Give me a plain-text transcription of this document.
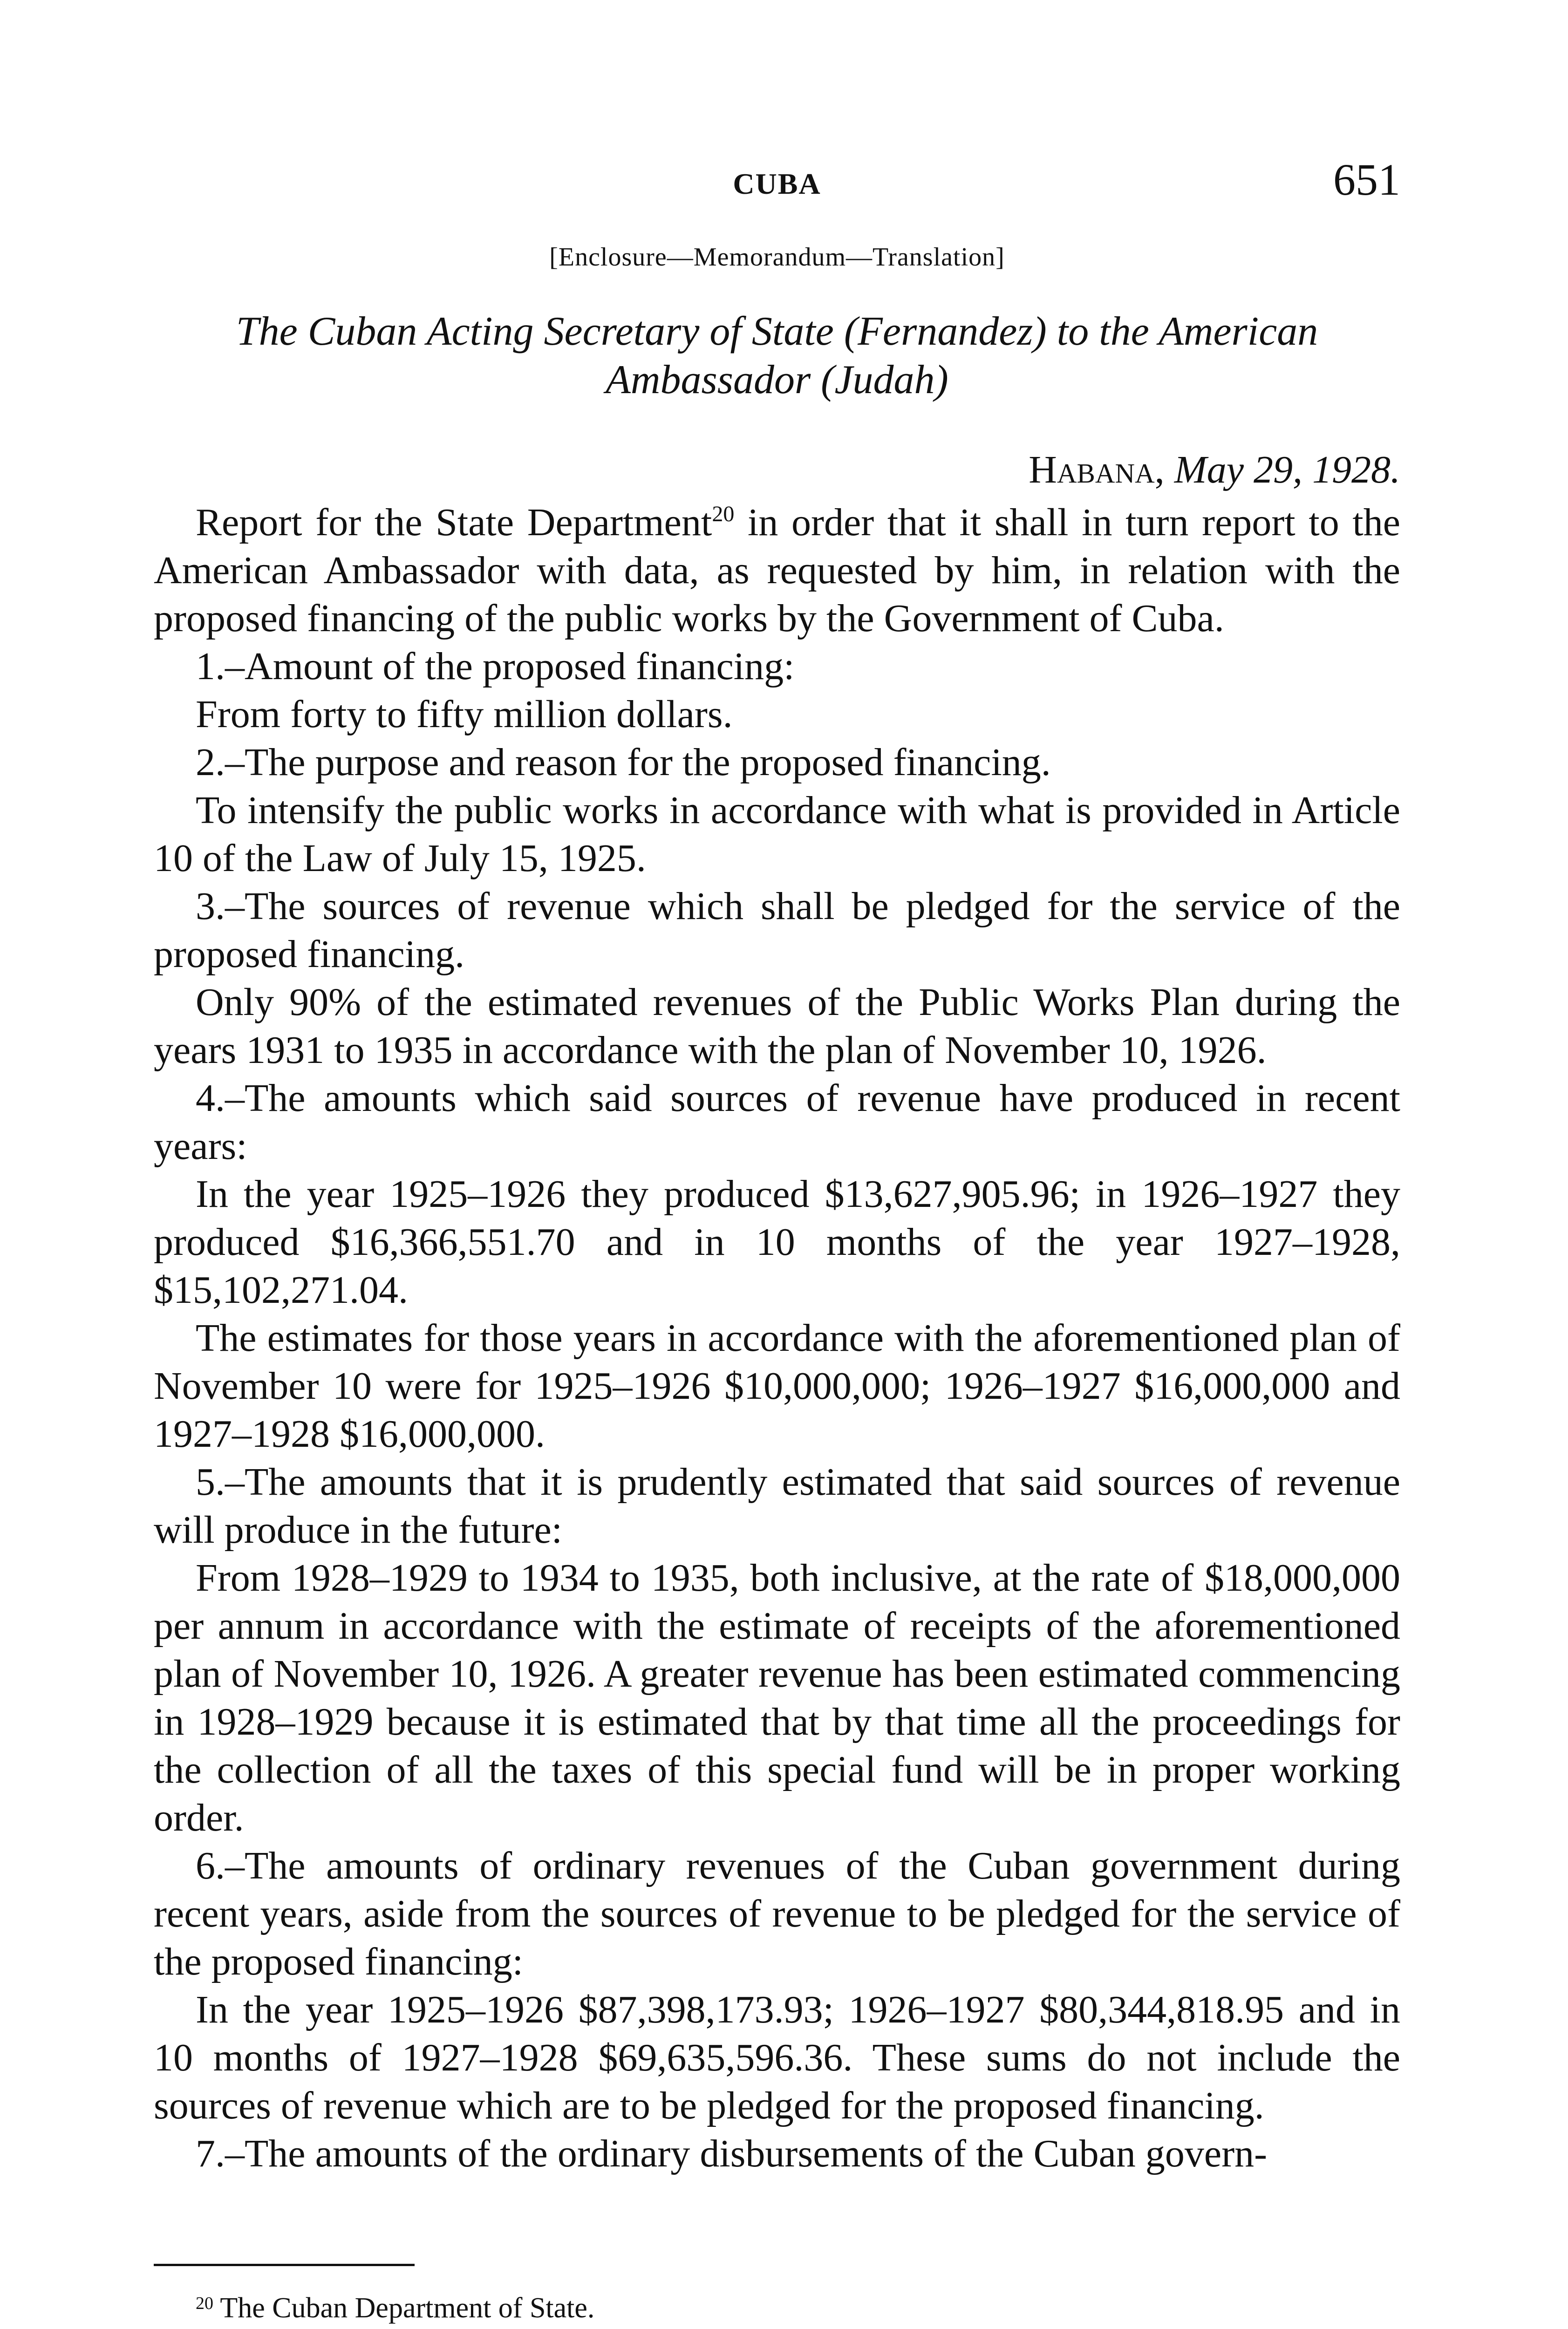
CUBA	651
[Enclosure—Memorandum—Translation]
The Cuban Acting Secretary of State (Fernandez) to the American
Ambassador (Judah)
Habana, May 29, 1928.

Report for the State Department$^{20}$ in order that it shall in turn report to the American Ambassador with data, as requested by him, in relation with the proposed financing of the public works by the Government of Cuba.

1.–Amount of the proposed financing:

From forty to fifty million dollars.

2.–The purpose and reason for the proposed financing.

To intensify the public works in accordance with what is provided in Article 10 of the Law of July 15, 1925.

3.–The sources of revenue which shall be pledged for the service of the proposed financing.

Only 90% of the estimated revenues of the Public Works Plan during the years 1931 to 1935 in accordance with the plan of November 10, 1926.

4.–The amounts which said sources of revenue have produced in recent years:

In the year 1925–1926 they produced $13,627,905.96; in 1926–1927 they produced $16,366,551.70 and in 10 months of the year 1927–1928, $15,102,271.04.

The estimates for those years in accordance with the aforementioned plan of November 10 were for 1925–1926 $10,000,000; 1926–1927 $16,000,000 and 1927–1928 $16,000,000.

5.–The amounts that it is prudently estimated that said sources of revenue will produce in the future:

From 1928–1929 to 1934 to 1935, both inclusive, at the rate of $18,000,000 per annum in accordance with the estimate of receipts of the aforementioned plan of November 10, 1926. A greater revenue has been estimated commencing in 1928–1929 because it is estimated that by that time all the proceedings for the collection of all the taxes of this special fund will be in proper working order.

6.–The amounts of ordinary revenues of the Cuban government during recent years, aside from the sources of revenue to be pledged for the service of the proposed financing:

In the year 1925–1926 $87,398,173.93; 1926–1927 $80,344,818.95 and in 10 months of 1927–1928 $69,635,596.36. These sums do not include the sources of revenue which are to be pledged for the proposed financing.

7.–The amounts of the ordinary disbursements of the Cuban govern-

$^{20}$ The Cuban Department of State.
